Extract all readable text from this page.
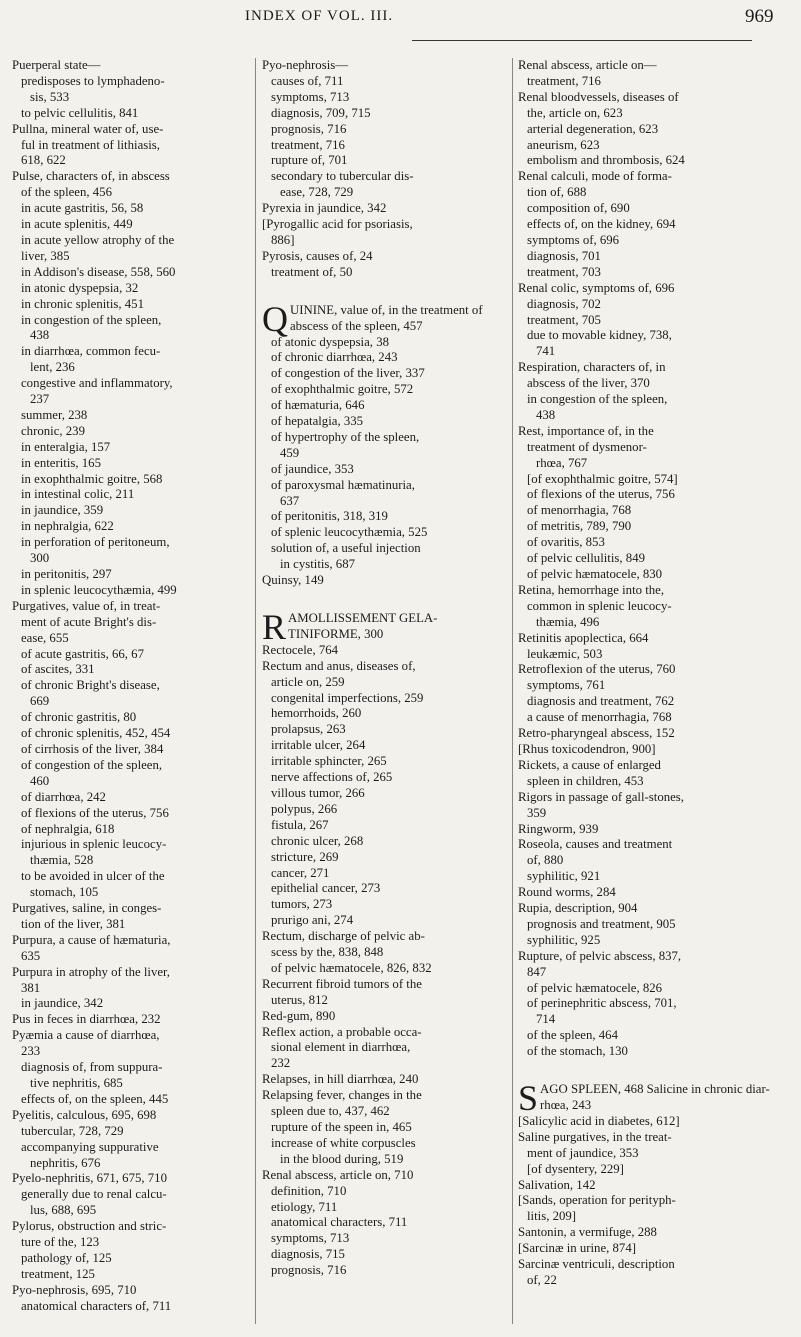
INDEX OF VOL. III.	969

Puerperal state—

predisposes to lymphadeno-

sis, 533

to pelvic cellulitis, 841

Pullna, mineral water of, use-

ful in treatment of lithiasis,

618, 622

Pulse, characters of, in abscess

of the spleen, 456

in acute gastritis, 56, 58

in acute splenitis, 449

in acute yellow atrophy of the

liver, 385

in Addison's disease, 558, 560

in atonic dyspepsia, 32

in chronic splenitis, 451

in congestion of the spleen,

438

in diarrhœa, common fecu-

lent, 236

congestive and inflammatory,

237

summer, 238

chronic, 239

in enteralgia, 157

in enteritis, 165

in exophthalmic goitre, 568

in intestinal colic, 211

in jaundice, 359

in nephralgia, 622

in perforation of peritoneum,

300

in peritonitis, 297

in splenic leucocythæmia, 499

Purgatives, value of, in treat-

ment of acute Bright's dis-

ease, 655

of acute gastritis, 66, 67

of ascites, 331

of chronic Bright's disease,

669

of chronic gastritis, 80

of chronic splenitis, 452, 454

of cirrhosis of the liver, 384

of congestion of the spleen,

460

of diarrhœa, 242

of flexions of the uterus, 756

of nephralgia, 618

injurious in splenic leucocy-

thæmia, 528

to be avoided in ulcer of the

stomach, 105

Purgatives, saline, in conges-

tion of the liver, 381

Purpura, a cause of hæmaturia,

635

Purpura in atrophy of the liver,

381

in jaundice, 342

Pus in feces in diarrhœa, 232

Pyæmia a cause of diarrhœa,

233

diagnosis of, from suppura-

tive nephritis, 685

effects of, on the spleen, 445

Pyelitis, calculous, 695, 698

tubercular, 728, 729

accompanying suppurative

nephritis, 676

Pyelo-nephritis, 671, 675, 710

generally due to renal calcu-

lus, 688, 695

Pylorus, obstruction and stric-

ture of the, 123

pathology of, 125

treatment, 125

Pyo-nephrosis, 695, 710

anatomical characters of, 711

Pyo-nephrosis—

causes of, 711

symptoms, 713

diagnosis, 709, 715

prognosis, 716

treatment, 716

rupture of, 701

secondary to tubercular dis-

ease, 728, 729

Pyrexia in jaundice, 342

[Pyrogallic acid for psoriasis,

886]

Pyrosis, causes of, 24

treatment of, 50

QUININE, value of, in the treatment of abscess of the spleen, 457

of atonic dyspepsia, 38

of chronic diarrhœa, 243

of congestion of the liver, 337

of exophthalmic goitre, 572

of hæmaturia, 646

of hepatalgia, 335

of hypertrophy of the spleen,

459

of jaundice, 353

of paroxysmal hæmatinuria,

637

of peritonitis, 318, 319

of splenic leucocythæmia, 525

solution of, a useful injection

in cystitis, 687

Quinsy, 149

RAMOLLISSEMENT GELA-TINIFORME, 300

Rectocele, 764

Rectum and anus, diseases of,

article on, 259

congenital imperfections, 259

hemorrhoids, 260

prolapsus, 263

irritable ulcer, 264

irritable sphincter, 265

nerve affections of, 265

villous tumor, 266

polypus, 266

fistula, 267

chronic ulcer, 268

stricture, 269

cancer, 271

epithelial cancer, 273

tumors, 273

prurigo ani, 274

Rectum, discharge of pelvic ab-

scess by the, 838, 848

of pelvic hæmatocele, 826, 832

Recurrent fibroid tumors of the

uterus, 812

Red-gum, 890

Reflex action, a probable occa-

sional element in diarrhœa,

232

Relapses, in hill diarrhœa, 240

Relapsing fever, changes in the

spleen due to, 437, 462

rupture of the speen in, 465

increase of white corpuscles

in the blood during, 519

Renal abscess, article on, 710

definition, 710

etiology, 711

anatomical characters, 711

symptoms, 713

diagnosis, 715

prognosis, 716

Renal abscess, article on—

treatment, 716

Renal bloodvessels, diseases of

the, article on, 623

arterial degeneration, 623

aneurism, 623

embolism and thrombosis, 624

Renal calculi, mode of forma-

tion of, 688

composition of, 690

effects of, on the kidney, 694

symptoms of, 696

diagnosis, 701

treatment, 703

Renal colic, symptoms of, 696

diagnosis, 702

treatment, 705

due to movable kidney, 738,

741

Respiration, characters of, in

abscess of the liver, 370

in congestion of the spleen,

438

Rest, importance of, in the

treatment of dysmenor-

rhœa, 767

[of exophthalmic goitre, 574]

of flexions of the uterus, 756

of menorrhagia, 768

of metritis, 789, 790

of ovaritis, 853

of pelvic cellulitis, 849

of pelvic hæmatocele, 830

Retina, hemorrhage into the,

common in splenic leucocy-

thæmia, 496

Retinitis apoplectica, 664

leukæmic, 503

Retroflexion of the uterus, 760

symptoms, 761

diagnosis and treatment, 762

a cause of menorrhagia, 768

Retro-pharyngeal abscess, 152

[Rhus toxicodendron, 900]

Rickets, a cause of enlarged

spleen in children, 453

Rigors in passage of gall-stones,

359

Ringworm, 939

Roseola, causes and treatment

of, 880

syphilitic, 921

Round worms, 284

Rupia, description, 904

prognosis and treatment, 905

syphilitic, 925

Rupture, of pelvic abscess, 837,

847

of pelvic hæmatocele, 826

of perinephritic abscess, 701,

714

of the spleen, 464

of the stomach, 130

SAGO SPLEEN, 468 Salicine in chronic diar-rhœa, 243

[Salicylic acid in diabetes, 612]

Saline purgatives, in the treat-

ment of jaundice, 353

[of dysentery, 229]

Salivation, 142

[Sands, operation for perityph-

litis, 209]

Santonin, a vermifuge, 288

[Sarcinæ in urine, 874]

Sarcinæ ventriculi, description

of, 22
